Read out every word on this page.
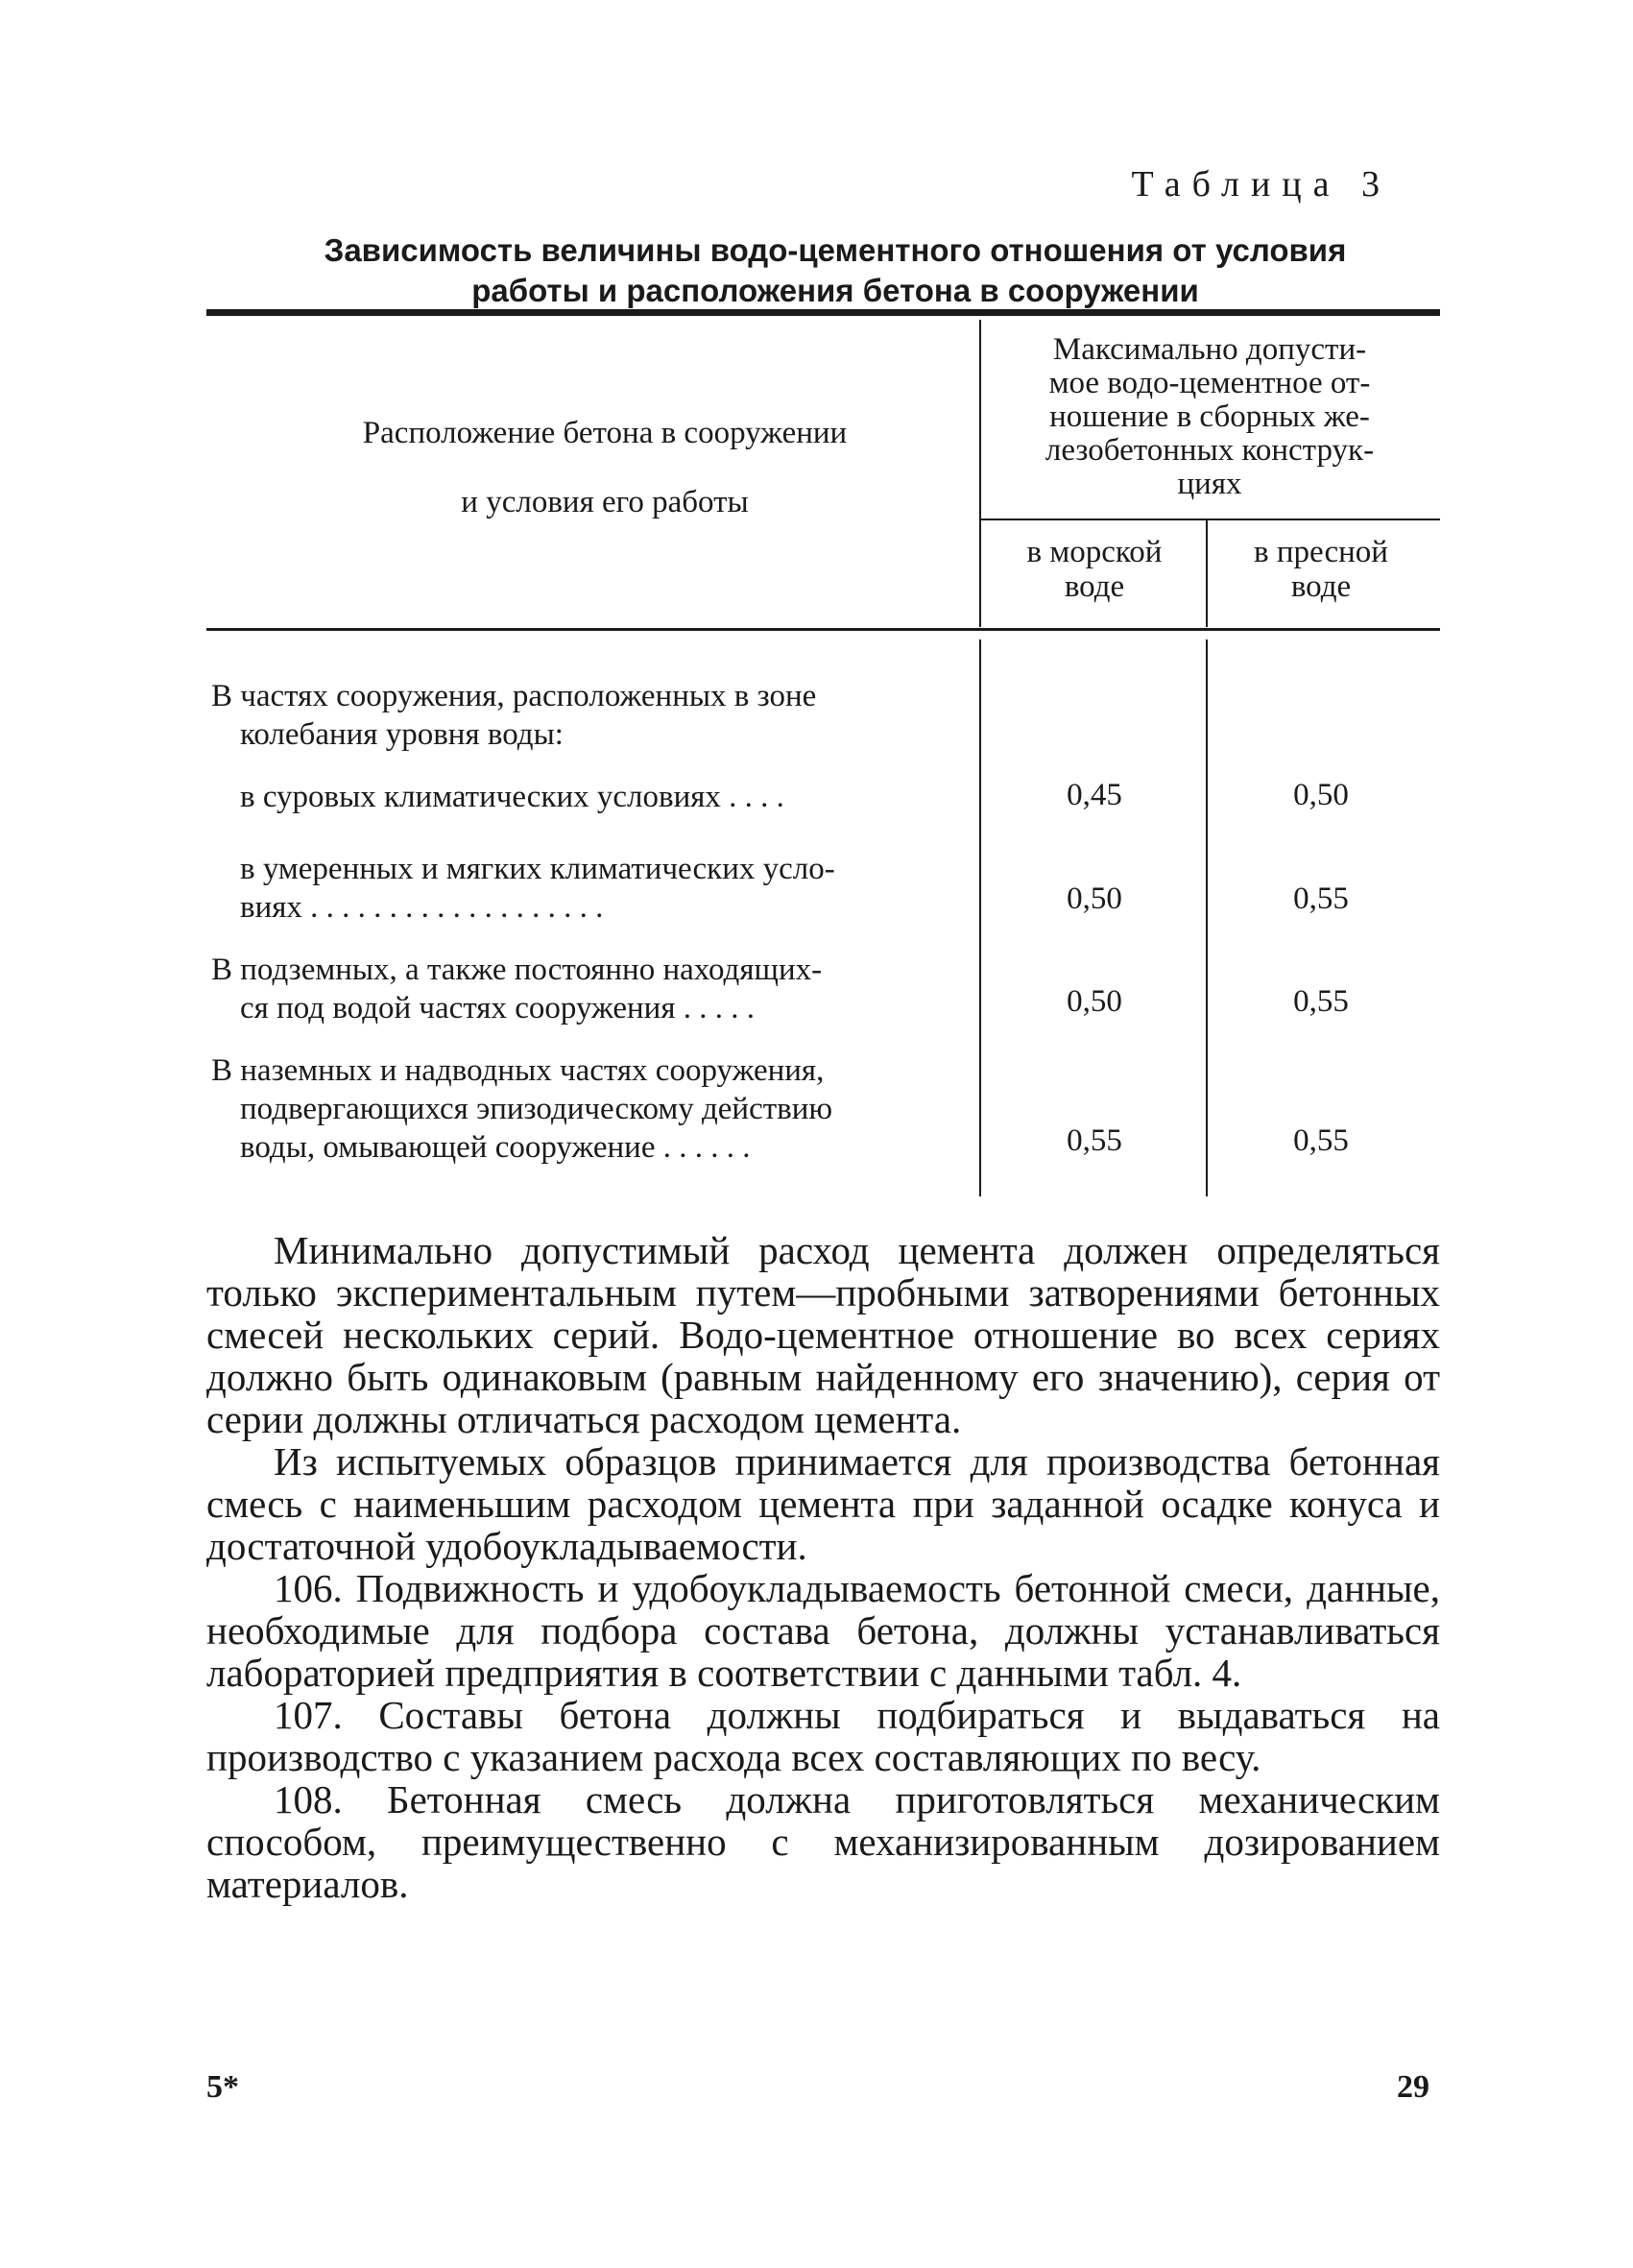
Таблица 3
Зависимость величины водо-цементного отношения от условия
работы и расположения бетона в сооружении
Расположение бетона в сооружении
и условия его работы
Максимально допусти-
мое водо-цементное от-
ношение в сборных же-
лезобетонных конструк-
циях
в морской
воде
в пресной
воде
В частях сооружения, расположенных в зоне
колебания уровня воды:
в суровых климатических условиях . . . .	0,45	0,50
в умеренных и мягких климатических усло-
виях . . . . . . . . . . . . . . . . . . .	0,50	0,55
В подземных, а также постоянно находящих-
ся под водой частях сооружения . . . . .	0,50	0,55
В наземных и надводных частях сооружения,
подвергающихся эпизодическому действию
воды, омывающей сооружение . . . . . .	0,55	0,55

Минимально допустимый расход цемента должен определяться только экспериментальным путем—пробными затворениями бетонных смесей нескольких серий. Водо-цементное отношение во всех сериях должно быть одинаковым (равным найденному его значению), серия от серии должны отличаться расходом цемента.

Из испытуемых образцов принимается для производства бетонная смесь с наименьшим расходом цемента при заданной осадке конуса и достаточной удобоукладываемости.

106. Подвижность и удобоукладываемость бетонной смеси, данные, необходимые для подбора состава бетона, должны устанавливаться лабораторией предприятия в соответствии с данными табл. 4.

107. Составы бетона должны подбираться и выдаваться на производство с указанием расхода всех составляющих по весу.

108. Бетонная смесь должна приготовляться механическим способом, преимущественно с механизированным дозированием материалов.

5*	29
